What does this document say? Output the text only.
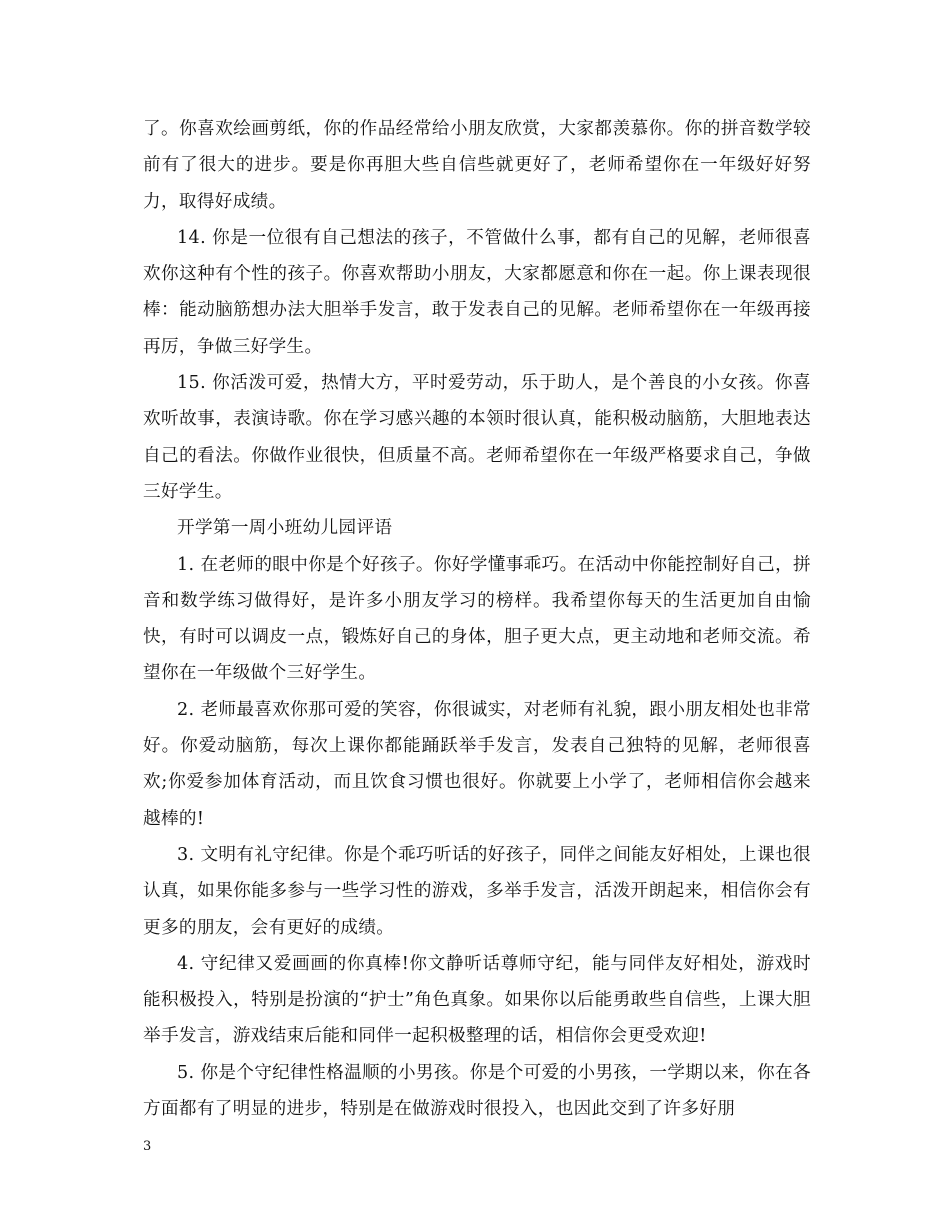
了。你喜欢绘画剪纸，你的作品经常给小朋友欣赏，大家都羡慕你。你的拼音数学较前有了很大的进步。要是你再胆大些自信些就更好了，老师希望你在一年级好好努力，取得好成绩。

14. 你是一位很有自己想法的孩子，不管做什么事，都有自己的见解，老师很喜欢你这种有个性的孩子。你喜欢帮助小朋友，大家都愿意和你在一起。你上课表现很棒：能动脑筋想办法大胆举手发言，敢于发表自己的见解。老师希望你在一年级再接再厉，争做三好学生。

15. 你活泼可爱，热情大方，平时爱劳动，乐于助人，是个善良的小女孩。你喜欢听故事，表演诗歌。你在学习感兴趣的本领时很认真，能积极动脑筋，大胆地表达自己的看法。你做作业很快，但质量不高。老师希望你在一年级严格要求自己，争做三好学生。

开学第一周小班幼儿园评语

1. 在老师的眼中你是个好孩子。你好学懂事乖巧。在活动中你能控制好自己，拼音和数学练习做得好，是许多小朋友学习的榜样。我希望你每天的生活更加自由愉快，有时可以调皮一点，锻炼好自己的身体，胆子更大点，更主动地和老师交流。希望你在一年级做个三好学生。

2. 老师最喜欢你那可爱的笑容，你很诚实，对老师有礼貌，跟小朋友相处也非常好。你爱动脑筋，每次上课你都能踊跃举手发言，发表自己独特的见解，老师很喜欢;你爱参加体育活动，而且饮食习惯也很好。你就要上小学了，老师相信你会越来越棒的!

3. 文明有礼守纪律。你是个乖巧听话的好孩子，同伴之间能友好相处，上课也很认真，如果你能多参与一些学习性的游戏，多举手发言，活泼开朗起来，相信你会有更多的朋友，会有更好的成绩。

4. 守纪律又爱画画的你真棒!你文静听话尊师守纪，能与同伴友好相处，游戏时能积极投入，特别是扮演的“护士”角色真象。如果你以后能勇敢些自信些，上课大胆举手发言，游戏结束后能和同伴一起积极整理的话，相信你会更受欢迎!

5. 你是个守纪律性格温顺的小男孩。你是个可爱的小男孩，一学期以来，你在各方面都有了明显的进步，特别是在做游戏时很投入，也因此交到了许多好朋

3
